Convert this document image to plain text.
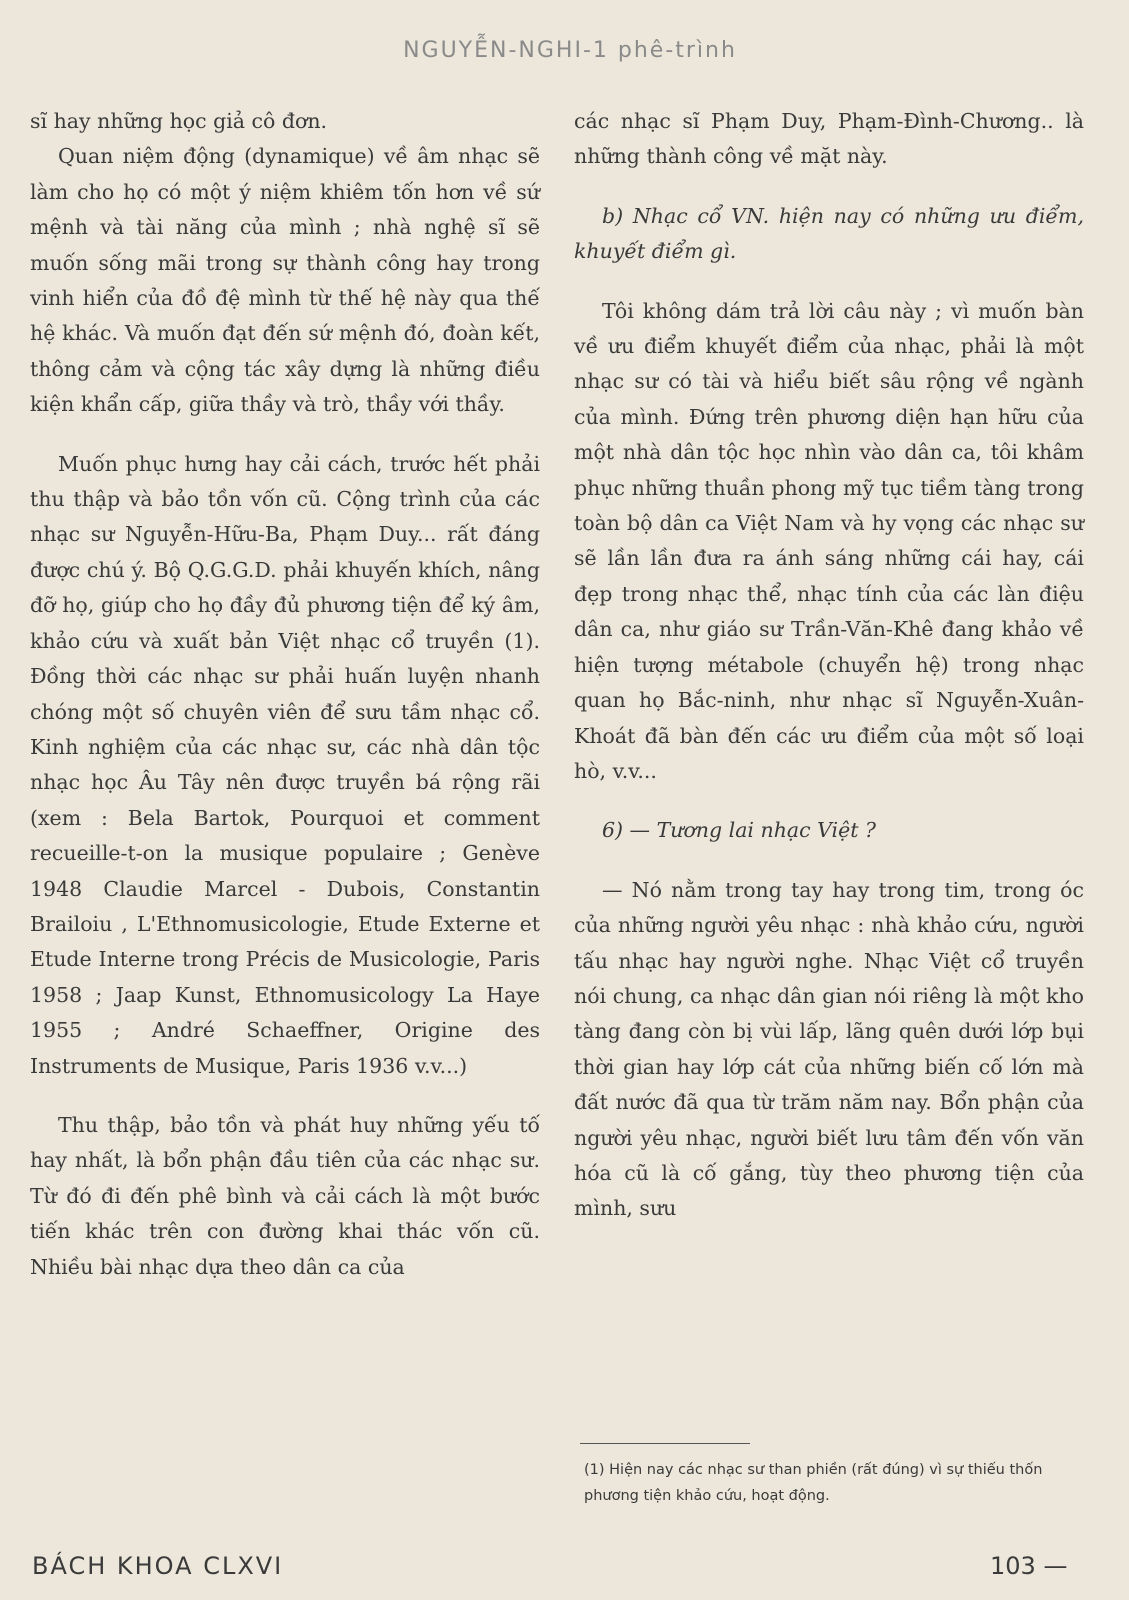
NGUYỄN-NGHI-1 phê-trình

sĩ hay những học giả cô đơn.

Quan niệm động (dynamique) về âm nhạc sẽ làm cho họ có một ý niệm khiêm tốn hơn về sứ mệnh và tài năng của mình ; nhà nghệ sĩ sẽ muốn sống mãi trong sự thành công hay trong vinh hiển của đồ đệ mình từ thế hệ này qua thế hệ khác. Và muốn đạt đến sứ mệnh đó, đoàn kết, thông cảm và cộng tác xây dựng là những điều kiện khẩn cấp, giữa thầy và trò, thầy với thầy.

Muốn phục hưng hay cải cách, trước hết phải thu thập và bảo tồn vốn cũ. Cộng trình của các nhạc sư Nguyễn-Hữu-Ba, Phạm Duy... rất đáng được chú ý. Bộ Q.G.G.D. phải khuyến khích, nâng đỡ họ, giúp cho họ đầy đủ phương tiện để ký âm, khảo cứu và xuất bản Việt nhạc cổ truyền (1). Đồng thời các nhạc sư phải huấn luyện nhanh chóng một số chuyên viên để sưu tầm nhạc cổ. Kinh nghiệm của các nhạc sư, các nhà dân tộc nhạc học Âu Tây nên được truyền bá rộng rãi (xem : Bela Bartok, Pourquoi et comment recueille-t-on la musique populaire ; Genève 1948 Claudie Marcel - Dubois, Constantin Brailoiu , L'Ethnomusicologie, Etude Externe et Etude Interne trong Précis de Musicologie, Paris 1958 ; Jaap Kunst, Ethnomusicology La Haye 1955 ; André Schaeffner, Origine des Instruments de Musique, Paris 1936 v.v...)

Thu thập, bảo tồn và phát huy những yếu tố hay nhất, là bổn phận đầu tiên của các nhạc sư. Từ đó đi đến phê bình và cải cách là một bước tiến khác trên con đường khai thác vốn cũ. Nhiều bài nhạc dựa theo dân ca của

các nhạc sĩ Phạm Duy, Phạm-Đình-Chương.. là những thành công về mặt này.

b) Nhạc cổ VN. hiện nay có những ưu điểm, khuyết điểm gì.

Tôi không dám trả lời câu này ; vì muốn bàn về ưu điểm khuyết điểm của nhạc, phải là một nhạc sư có tài và hiểu biết sâu rộng về ngành của mình. Đứng trên phương diện hạn hữu của một nhà dân tộc học nhìn vào dân ca, tôi khâm phục những thuần phong mỹ tục tiềm tàng trong toàn bộ dân ca Việt Nam và hy vọng các nhạc sư sẽ lần lần đưa ra ánh sáng những cái hay, cái đẹp trong nhạc thể, nhạc tính của các làn điệu dân ca, như giáo sư Trần-Văn-Khê đang khảo về hiện tượng métabole (chuyển hệ) trong nhạc quan họ Bắc-ninh, như nhạc sĩ Nguyễn-Xuân-Khoát đã bàn đến các ưu điểm của một số loại hò, v.v...

6) — Tương lai nhạc Việt ?

— Nó nằm trong tay hay trong tim, trong óc của những người yêu nhạc : nhà khảo cứu, người tấu nhạc hay người nghe. Nhạc Việt cổ truyền nói chung, ca nhạc dân gian nói riêng là một kho tàng đang còn bị vùi lấp, lãng quên dưới lớp bụi thời gian hay lớp cát của những biến cố lớn mà đất nước đã qua từ trăm năm nay. Bổn phận của người yêu nhạc, người biết lưu tâm đến vốn văn hóa cũ là cố gắng, tùy theo phương tiện của mình, sưu

(1) Hiện nay các nhạc sư than phiền (rất đúng) vì sự thiếu thốn phương tiện khảo cứu, hoạt động.

BÁCH KHOA CLXVI	103 —
